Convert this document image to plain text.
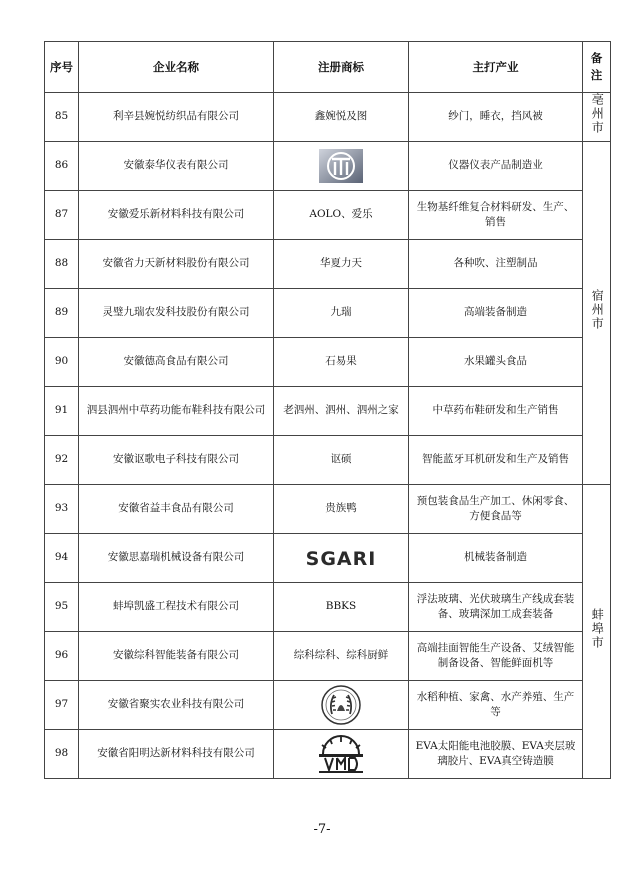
序号	企业名称	注册商标	主打产业	备注
85	利辛县婉悦纺织品有限公司	鑫婉悦及图	纱门，睡衣，挡风被	亳州市
86	安徽泰华仪表有限公司		仪器仪表产品制造业	宿州市
87	安徽爱乐新材料科技有限公司	AOLO、爱乐	生物基纤维复合材料研发、生产、销售	
88	安徽省力天新材料股份有限公司	华夏力天	各种吹、注塑制品	
89	灵璧九瑞农发科技股份有限公司	九瑞	高端装备制造	
90	安徽德高食品有限公司	石易果	水果罐头食品	
91	泗县泗州中草药功能布鞋科技有限公司	老泗州、泗州、泗州之家	中草药布鞋研发和生产销售	
92	安徽讴歌电子科技有限公司	讴硕	智能蓝牙耳机研发和生产及销售	
93	安徽省益丰食品有限公司	贵族鸭	预包装食品生产加工、休闲零食、方便食品等	蚌埠市
94	安徽思嘉瑞机械设备有限公司	SGARI	机械装备制造	
95	蚌埠凯盛工程技术有限公司	BBKS	浮法玻璃、光伏玻璃生产线成套装备、玻璃深加工成套装备	
96	安徽综科智能装备有限公司	综科综科、综科厨鲜	高端挂面智能生产设备、艾绒智能制备设备、智能鲜面机等	
97	安徽省聚实农业科技有限公司		水稻种植、家禽、水产养殖、生产等	
98	安徽省阳明达新材料科技有限公司		EVA太阳能电池胶膜、EVA夹层玻璃胶片、EVA真空铸造膜	
-7-
